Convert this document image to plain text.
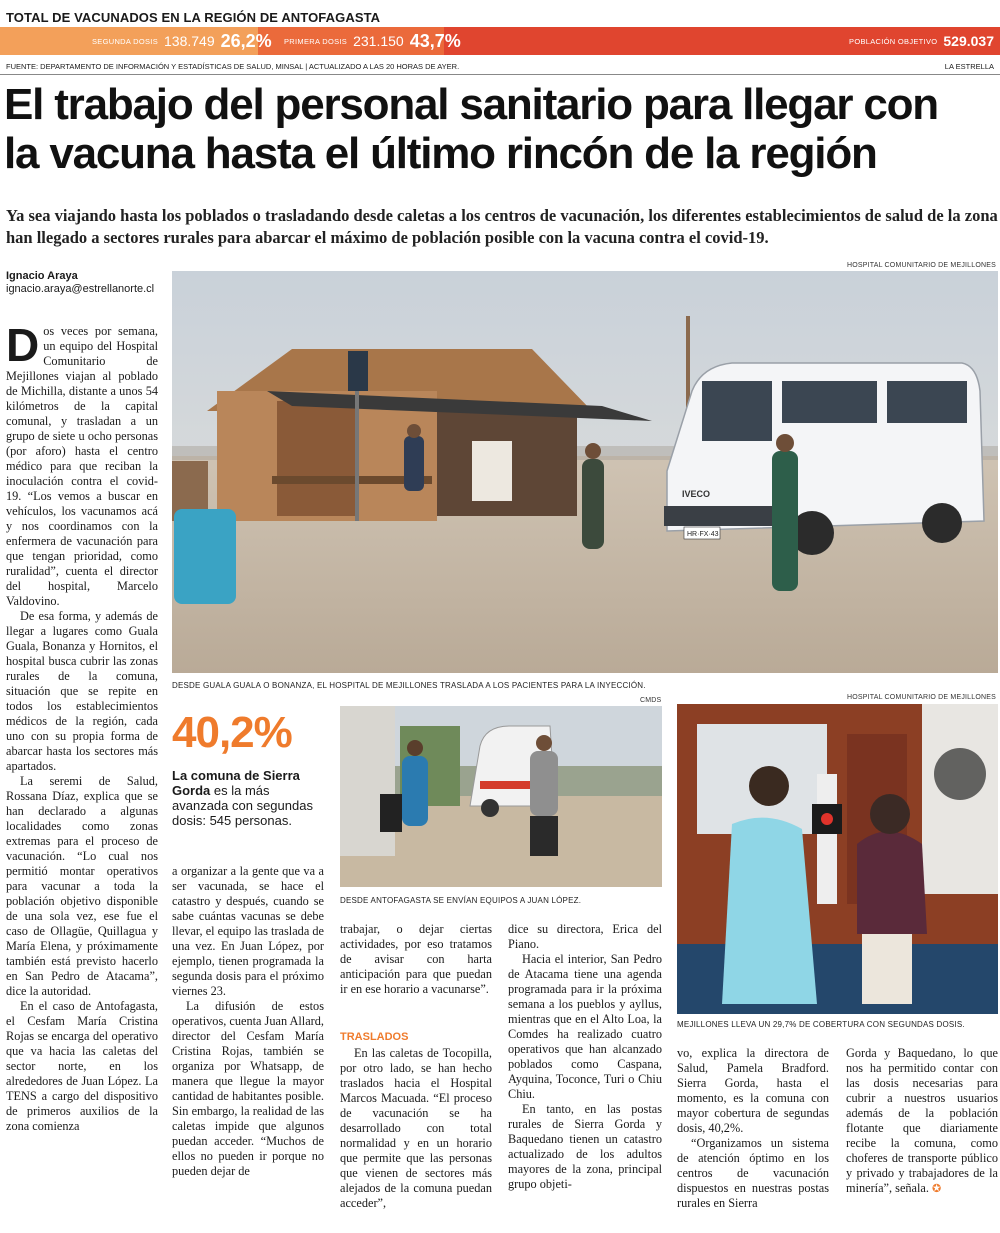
TOTAL DE VACUNADOS EN LA REGIÓN DE ANTOFAGASTA
SEGUNDA DOSIS 138.749 26,2% PRIMERA DOSIS 231.150 43,7%	POBLACIÓN OBJETIVO 529.037
FUENTE: DEPARTAMENTO DE INFORMACIÓN Y ESTADÍSTICAS DE SALUD, MINSAL | ACTUALIZADO A LAS 20 HORAS DE AYER.	LA ESTRELLA
El trabajo del personal sanitario para llegar con
la vacuna hasta el último rincón de la región
Ya sea viajando hasta los poblados o trasladando desde caletas a los centros de vacunación, los diferentes establecimientos de salud de la zona han llegado a sectores rurales para abarcar el máximo de población posible con la vacuna contra el covid-19.
Ignacio Araya
ignacio.araya@estrellanorte.cl
HOSPITAL COMUNITARIO DE MEJILLONES
IVECO
HR·FX·43
DESDE GUALA GUALA O BONANZA, EL HOSPITAL DE MEJILLONES TRASLADA A LOS PACIENTES PARA LA INYECCIÓN.

Dos veces por semana, un equipo del Hospital Comunitario de Mejillones viajan al poblado de Michilla, distante a unos 54 kilómetros de la capital comunal, y trasladan a un grupo de siete u ocho personas (por aforo) hasta el centro médico para que reciban la inoculación contra el covid-19. “Los vemos a buscar en vehículos, los vacunamos acá y nos coordinamos con la enfermera de vacunación para que tengan prioridad, como ruralidad”, cuenta el director del hospital, Marcelo Valdovino.

De esa forma, y además de llegar a lugares como Guala Guala, Bonanza y Hornitos, el hospital busca cubrir las zonas rurales de la comuna, situación que se repite en todos los establecimientos médicos de la región, cada uno con su propia forma de abarcar hasta los sectores más apartados.

La seremi de Salud, Rossana Díaz, explica que se han declarado a algunas localidades como zonas extremas para el proceso de vacunación. “Lo cual nos permitió montar operativos para vacunar a toda la población objetivo disponible de una sola vez, ese fue el caso de Ollagüe, Quillagua y María Elena, y próximamente también está previsto hacerlo en San Pedro de Atacama”, dice la autoridad.

En el caso de Antofagasta, el Cesfam María Cristina Rojas se encarga del operativo que va hacia las caletas del sector norte, en los alrededores de Juan López. La TENS a cargo del dispositivo de primeros auxilios de la zona comienza

40,2%
La comuna de Sierra Gorda es la más avanzada con segundas dosis: 545 personas.
CMDS
DESDE ANTOFAGASTA SE ENVÍAN EQUIPOS A JUAN LÓPEZ.
HOSPITAL COMUNITARIO DE MEJILLONES
MEJILLONES LLEVA UN 29,7% DE COBERTURA CON SEGUNDAS DOSIS.

a organizar a la gente que va a ser vacunada, se hace el catastro y después, cuando se sabe cuántas vacunas se debe llevar, el equipo las traslada de una vez. En Juan López, por ejemplo, tienen programada la segunda dosis para el próximo viernes 23.

La difusión de estos operativos, cuenta Juan Allard, director del Cesfam María Cristina Rojas, también se organiza por Whatsapp, de manera que llegue la mayor cantidad de habitantes posible. Sin embargo, la realidad de las caletas impide que algunos puedan acceder. “Muchos de ellos no pueden ir porque no pueden dejar de

trabajar, o dejar ciertas actividades, por eso tratamos de avisar con harta anticipación para que puedan ir en ese horario a vacunarse”.

TRASLADOS

En las caletas de Tocopilla, por otro lado, se han hecho traslados hacia el Hospital Marcos Macuada. “El proceso de vacunación se ha desarrollado con total normalidad y en un horario que permite que las personas que vienen de sectores más alejados de la comuna puedan acceder”,

dice su directora, Erica del Piano.

Hacia el interior, San Pedro de Atacama tiene una agenda programada para ir la próxima semana a los pueblos y ayllus, mientras que en el Alto Loa, la Comdes ha realizado cuatro operativos que han alcanzado poblados como Caspana, Ayquina, Toconce, Turi o Chiu Chiu.

En tanto, en las postas rurales de Sierra Gorda y Baquedano tienen un catastro actualizado de los adultos mayores de la zona, principal grupo objeti-

vo, explica la directora de Salud, Pamela Bradford. Sierra Gorda, hasta el momento, es la comuna con mayor cobertura de segundas dosis, 40,2%.

“Organizamos un sistema de atención óptimo en los centros de vacunación dispuestos en nuestras postas rurales en Sierra

Gorda y Baquedano, lo que nos ha permitido contar con las dosis necesarias para cubrir a nuestros usuarios además de la población flotante que diariamente recibe la comuna, como choferes de transporte público y privado y trabajadores de la minería”, señala. ✪
